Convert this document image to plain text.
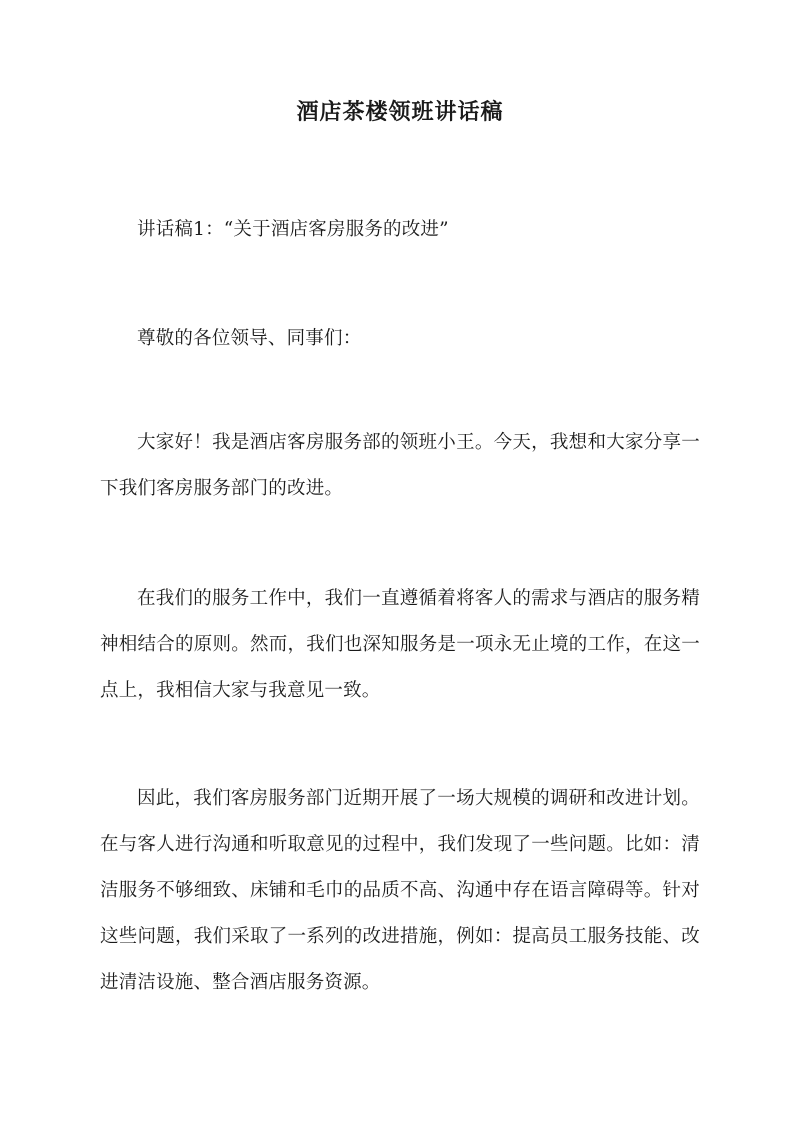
酒店茶楼领班讲话稿
讲话稿1：“关于酒店客房服务的改进”
尊敬的各位领导、同事们：
大家好！我是酒店客房服务部的领班小王。今天，我想和大家分享一下我们客房服务部门的改进。
在我们的服务工作中，我们一直遵循着将客人的需求与酒店的服务精神相结合的原则。然而，我们也深知服务是一项永无止境的工作，在这一点上，我相信大家与我意见一致。
因此，我们客房服务部门近期开展了一场大规模的调研和改进计划。在与客人进行沟通和听取意见的过程中，我们发现了一些问题。比如：清洁服务不够细致、床铺和毛巾的品质不高、沟通中存在语言障碍等。针对这些问题，我们采取了一系列的改进措施，例如：提高员工服务技能、改进清洁设施、整合酒店服务资源。
